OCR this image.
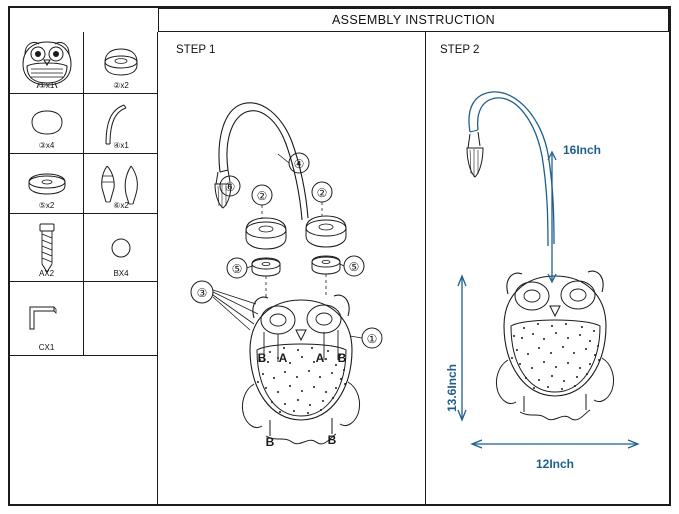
ASSEMBLY INSTRUCTION
①x1	②x2
③x4	④x1
⑤x2	⑥x2
AX2	BX4
CX1
STEP 1
④
⑥
②	②
⑤	⑤
③
B A A B
B	B
①
STEP 2
16Inch
13.6Inch
12Inch
